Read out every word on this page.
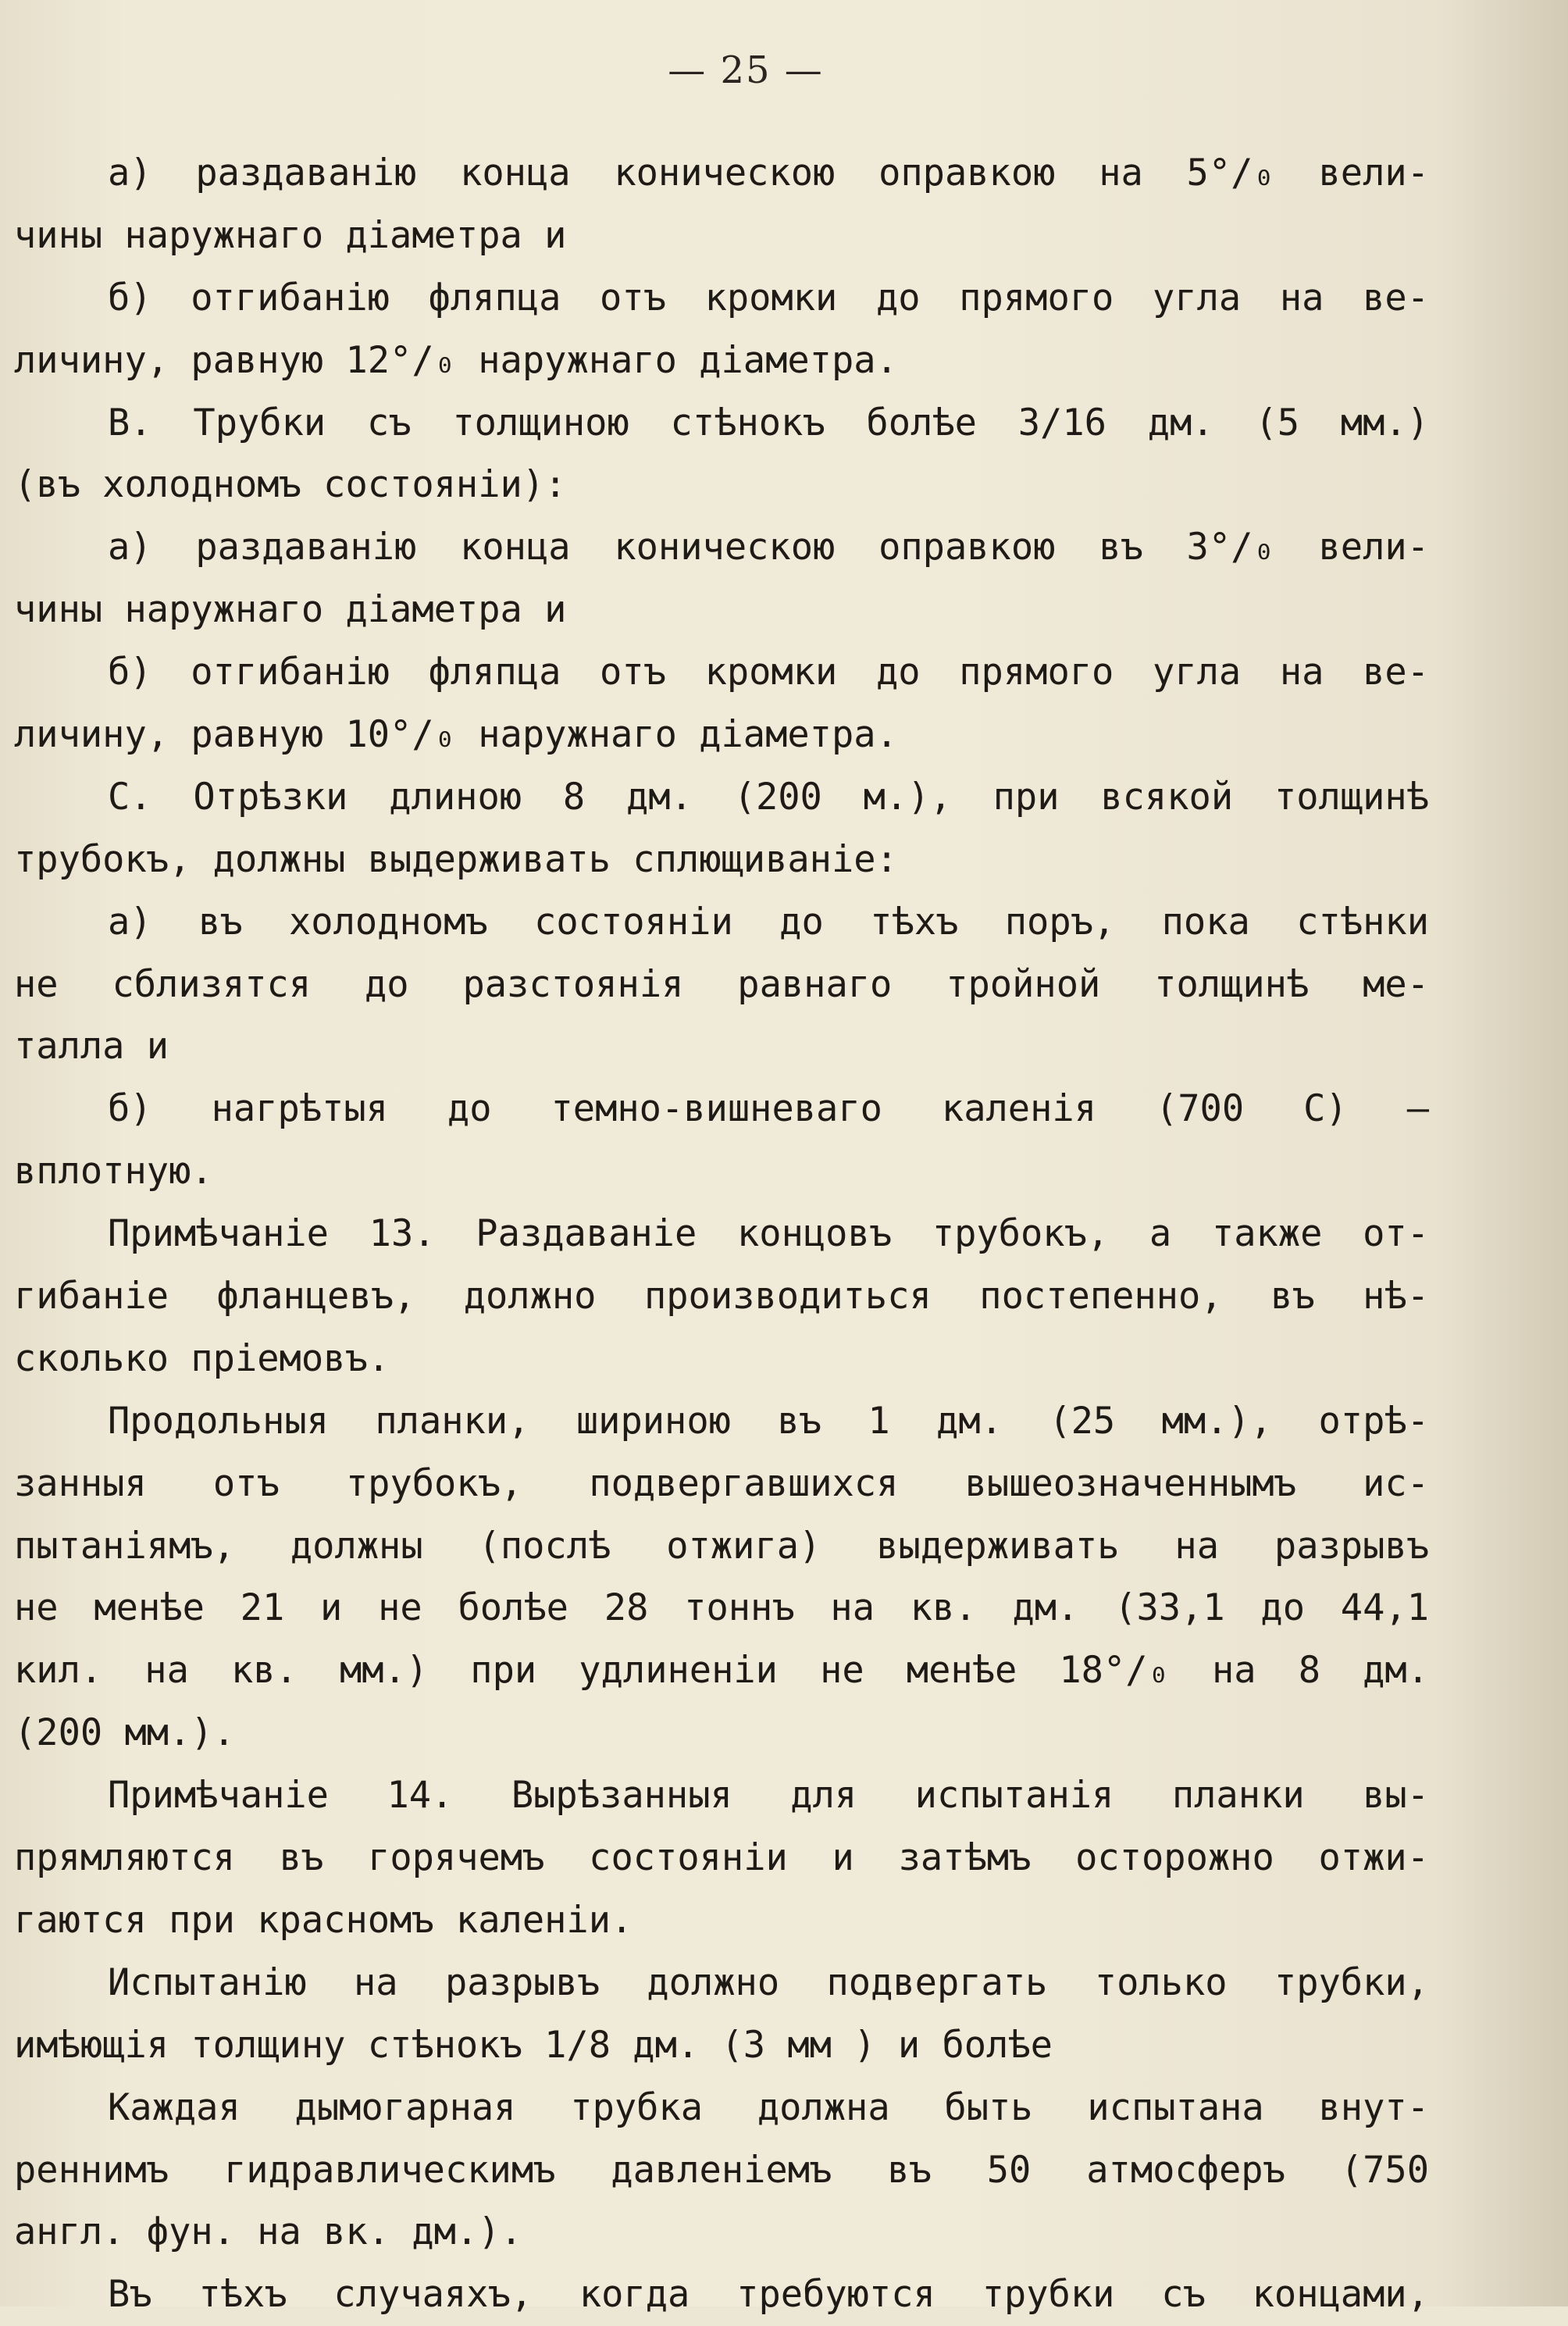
— 25 —
а) раздаванію конца коническою оправкою на 5°/₀ вели-
чины наружнаго діаметра и
б) отгибанію фляпца отъ кромки до прямого угла на ве-
личину, равную 12°/₀ наружнаго діаметра.
В. Трубки съ толщиною стѣнокъ болѣе 3/16 дм. (5 мм.)
(въ холодномъ состояніи):
а) раздаванію конца коническою оправкою въ 3°/₀ вели-
чины наружнаго діаметра и
б) отгибанію фляпца отъ кромки до прямого угла на ве-
личину, равную 10°/₀ наружнаго діаметра.
С. Отрѣзки длиною 8 дм. (200 м.), при всякой толщинѣ
трубокъ, должны выдерживать сплющиваніе:
а) въ холодномъ состояніи до тѣхъ поръ, пока стѣнки
не сблизятся до разстоянія равнаго тройной толщинѣ ме-
талла и
б) нагрѣтыя до темно-вишневаго каленія (700 С) —
вплотную.
Примѣчаніе 13. Раздаваніе концовъ трубокъ, а также от-
гибаніе фланцевъ, должно производиться постепенно, въ нѣ-
сколько пріемовъ.
Продольныя планки, шириною въ 1 дм. (25 мм.), отрѣ-
занныя отъ трубокъ, подвергавшихся вышеозначеннымъ ис-
пытаніямъ, должны (послѣ отжига) выдерживать на разрывъ
не менѣе 21 и не болѣе 28 тоннъ на кв. дм. (33,1 до 44,1
кил. на кв. мм.) при удлиненіи не менѣе 18°/₀ на 8 дм.
(200 мм.).
Примѣчаніе 14. Вырѣзанныя для испытанія планки вы-
прямляются въ горячемъ состояніи и затѣмъ осторожно отжи-
гаются при красномъ каленіи.
Испытанію на разрывъ должно подвергать только трубки,
имѣющія толщину стѣнокъ 1/8 дм. (3 мм ) и болѣе
Каждая дымогарная трубка должна быть испытана внут-
реннимъ гидравлическимъ давленіемъ въ 50 атмосферъ (750
англ. фун. на вк. дм.).
Въ тѣхъ случаяхъ, когда требуются трубки съ концами,
